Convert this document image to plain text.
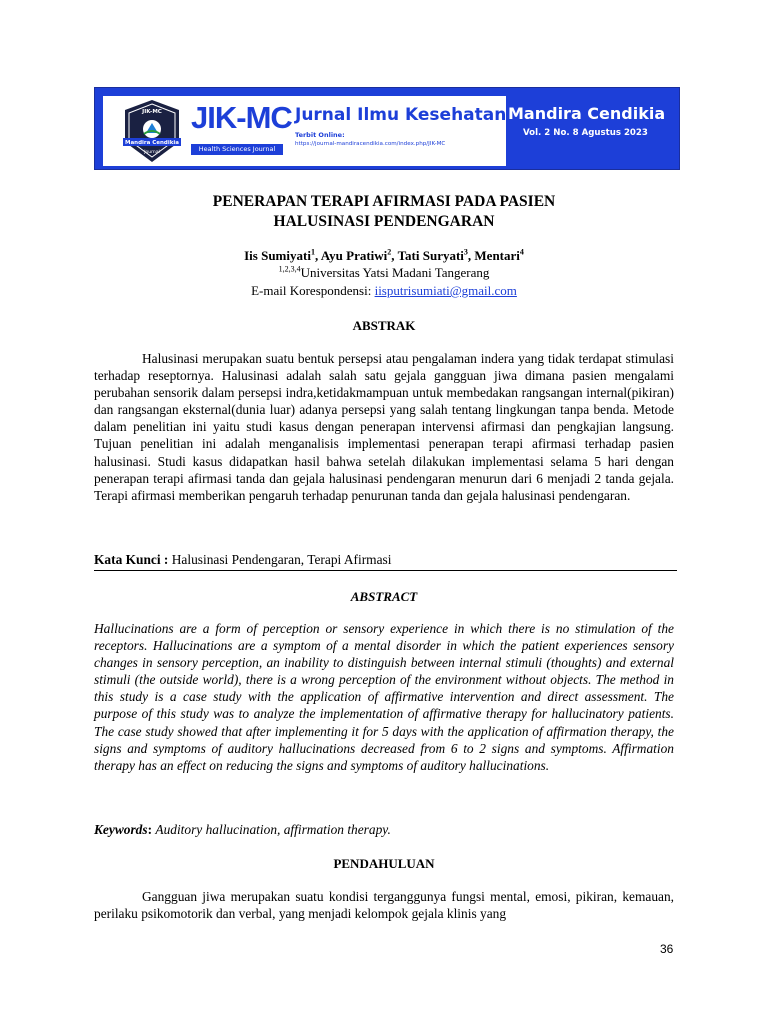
JIK-MC
Mandira Cendikia
Journal
JIK-MC
Health Sciences Journal
Jurnal Ilmu Kesehatan
Terbit Online:
https://journal-mandiracendikia.com/index.php/JIK-MC
Mandira Cendikia
Vol. 2 No. 8 Agustus 2023
PENERAPAN TERAPI AFIRMASI PADA PASIEN
HALUSINASI PENDENGARAN
Iis Sumiyati$^1$, Ayu Pratiwi$^2$, Tati Suryati$^3$, Mentari$^4$
$^{1,2,3,4}$Universitas Yatsi Madani Tangerang
E-mail Korespondensi: iisputrisumiati@gmail.com
ABSTRAK

Halusinasi merupakan suatu bentuk persepsi atau pengalaman indera yang tidak terdapat stimulasi terhadap reseptornya. Halusinasi adalah salah satu gejala gangguan jiwa dimana pasien mengalami perubahan sensorik dalam persepsi indra,ketidakmampuan untuk membedakan rangsangan internal(pikiran) dan rangsangan eksternal(dunia luar) adanya persepsi yang salah tentang lingkungan tanpa benda. Metode dalam penelitian ini yaitu studi kasus dengan penerapan intervensi afirmasi dan pengkajian langsung. Tujuan penelitian ini adalah menganalisis implementasi penerapan terapi afirmasi terhadap pasien halusinasi. Studi kasus didapatkan hasil bahwa setelah dilakukan implementasi selama 5 hari dengan penerapan terapi afirmasi tanda dan gejala halusinasi pendengaran menurun dari 6 menjadi 2 tanda gejala. Terapi afirmasi memberikan pengaruh terhadap penurunan tanda dan gejala halusinasi pendengaran.

Kata Kunci : Halusinasi Pendengaran, Terapi Afirmasi
ABSTRACT

Hallucinations are a form of perception or sensory experience in which there is no stimulation of the receptors. Hallucinations are a symptom of a mental disorder in which the patient experiences sensory changes in sensory perception, an inability to distinguish between internal stimuli (thoughts) and external stimuli (the outside world), there is a wrong perception of the environment without objects. The method in this study is a case study with the application of affirmative intervention and direct assessment. The purpose of this study was to analyze the implementation of affirmative therapy for hallucinatory patients. The case study showed that after implementing it for 5 days with the application of affirmation therapy, the signs and symptoms of auditory hallucinations decreased from 6 to 2 signs and symptoms. Affirmation therapy has an effect on reducing the signs and symptoms of auditory hallucinations.

Keywords: Auditory hallucination, affirmation therapy.
PENDAHULUAN

Gangguan jiwa merupakan suatu kondisi terganggunya fungsi mental, emosi, pikiran, kemauan, perilaku psikomotorik dan verbal, yang menjadi kelompok gejala klinis yang

36
